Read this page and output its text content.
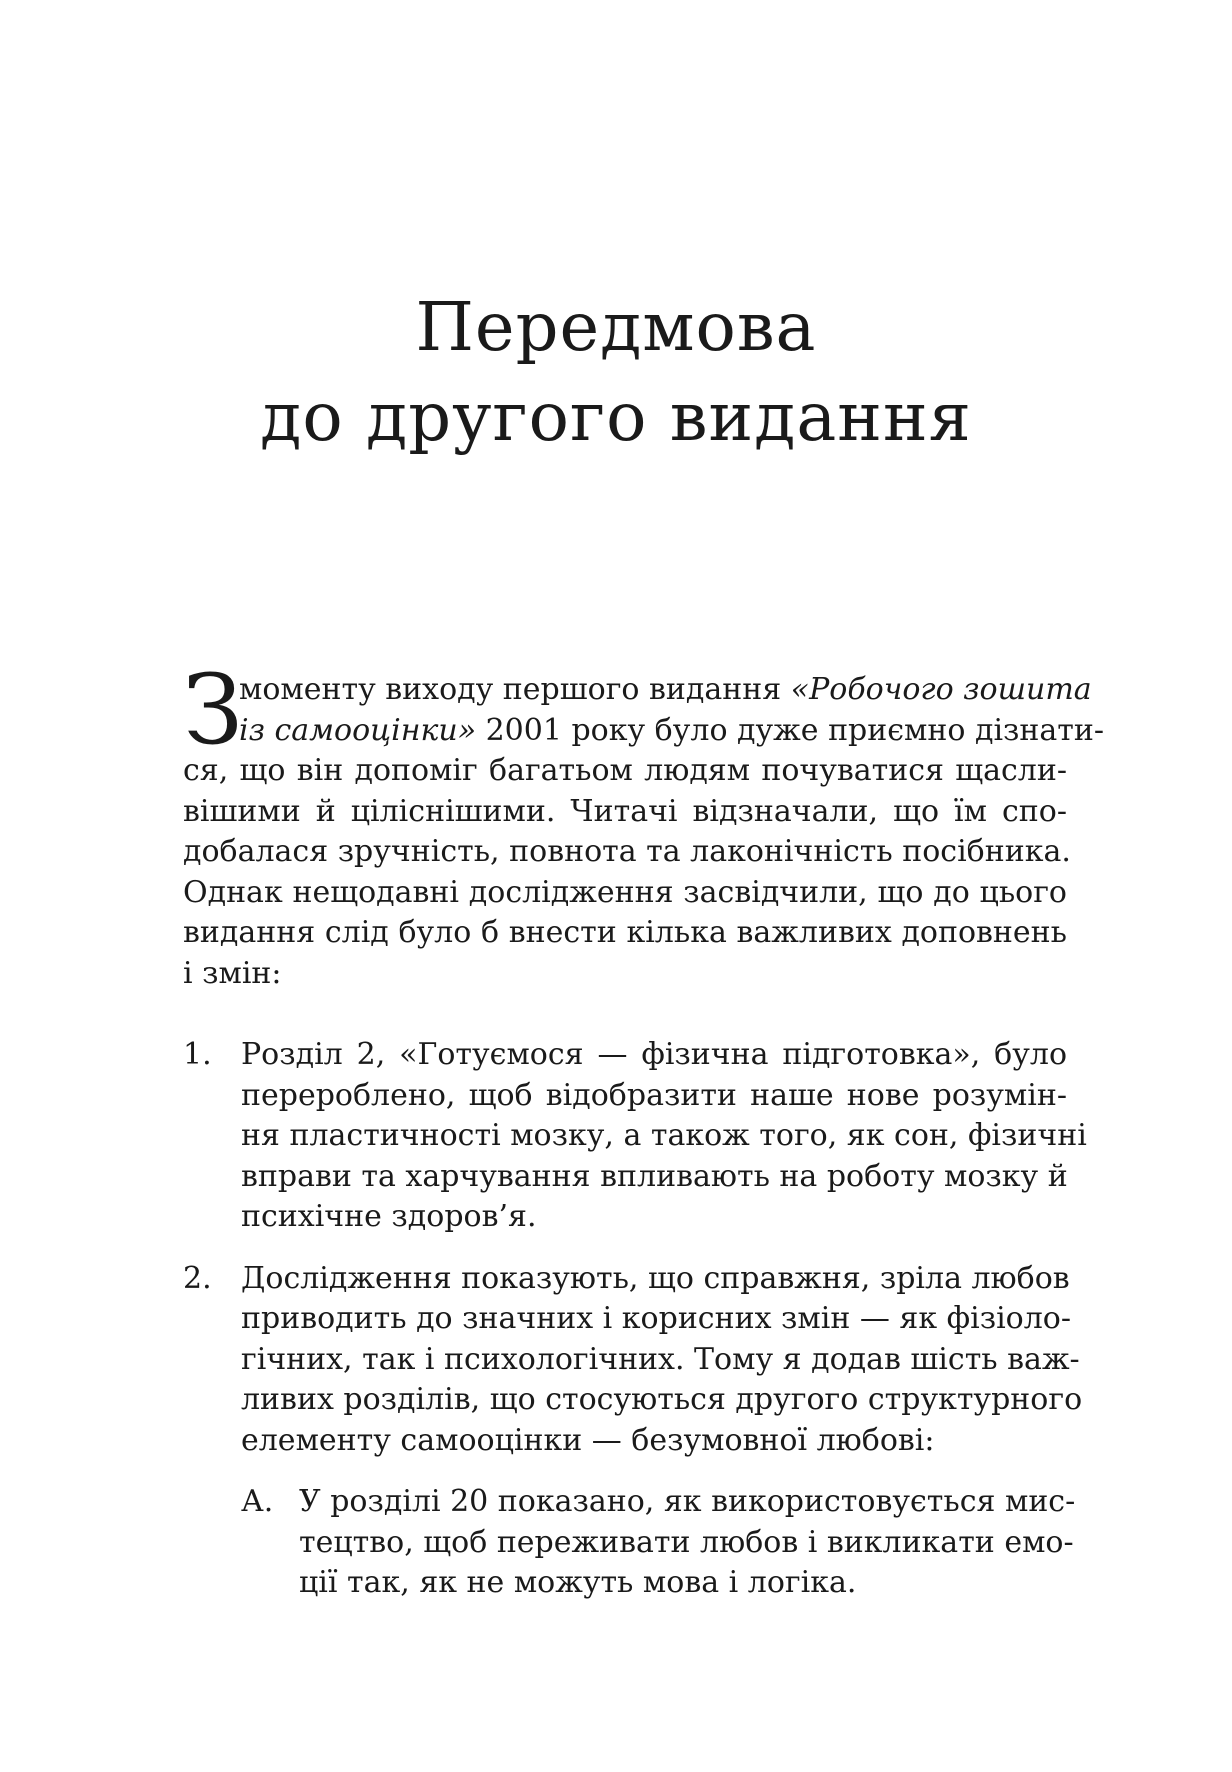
Передмова
до другого видання
З
моменту виходу першого видання «Робочого зошита
із самооцінки» 2001 року було дуже приємно дізнати-
ся, що він допоміг багатьом людям почуватися щасли-
вішими й ціліснішими. Читачі відзначали, що їм спо-
добалася зручність, повнота та лаконічність посібника.
Однак нещодавні дослідження засвідчили, що до цього
видання слід було б внести кілька важливих доповнень
і змін:
1. Розділ 2, «Готуємося — фізична підготовка», було
перероблено, щоб відобразити наше нове розумін-
ня пластичності мозку, а також того, як сон, фізичні
вправи та харчування впливають на роботу мозку й
психічне здоров’я.
2. Дослідження показують, що справжня, зріла любов
приводить до значних і корисних змін — як фізіоло-
гічних, так і психологічних. Тому я додав шість важ-
ливих розділів, що стосуються другого структурного
елементу самооцінки — безумовної любові:
А. У розділі 20 показано, як використовується мис-
тецтво, щоб переживати любов і викликати емо-
ції так, як не можуть мова і логіка.
